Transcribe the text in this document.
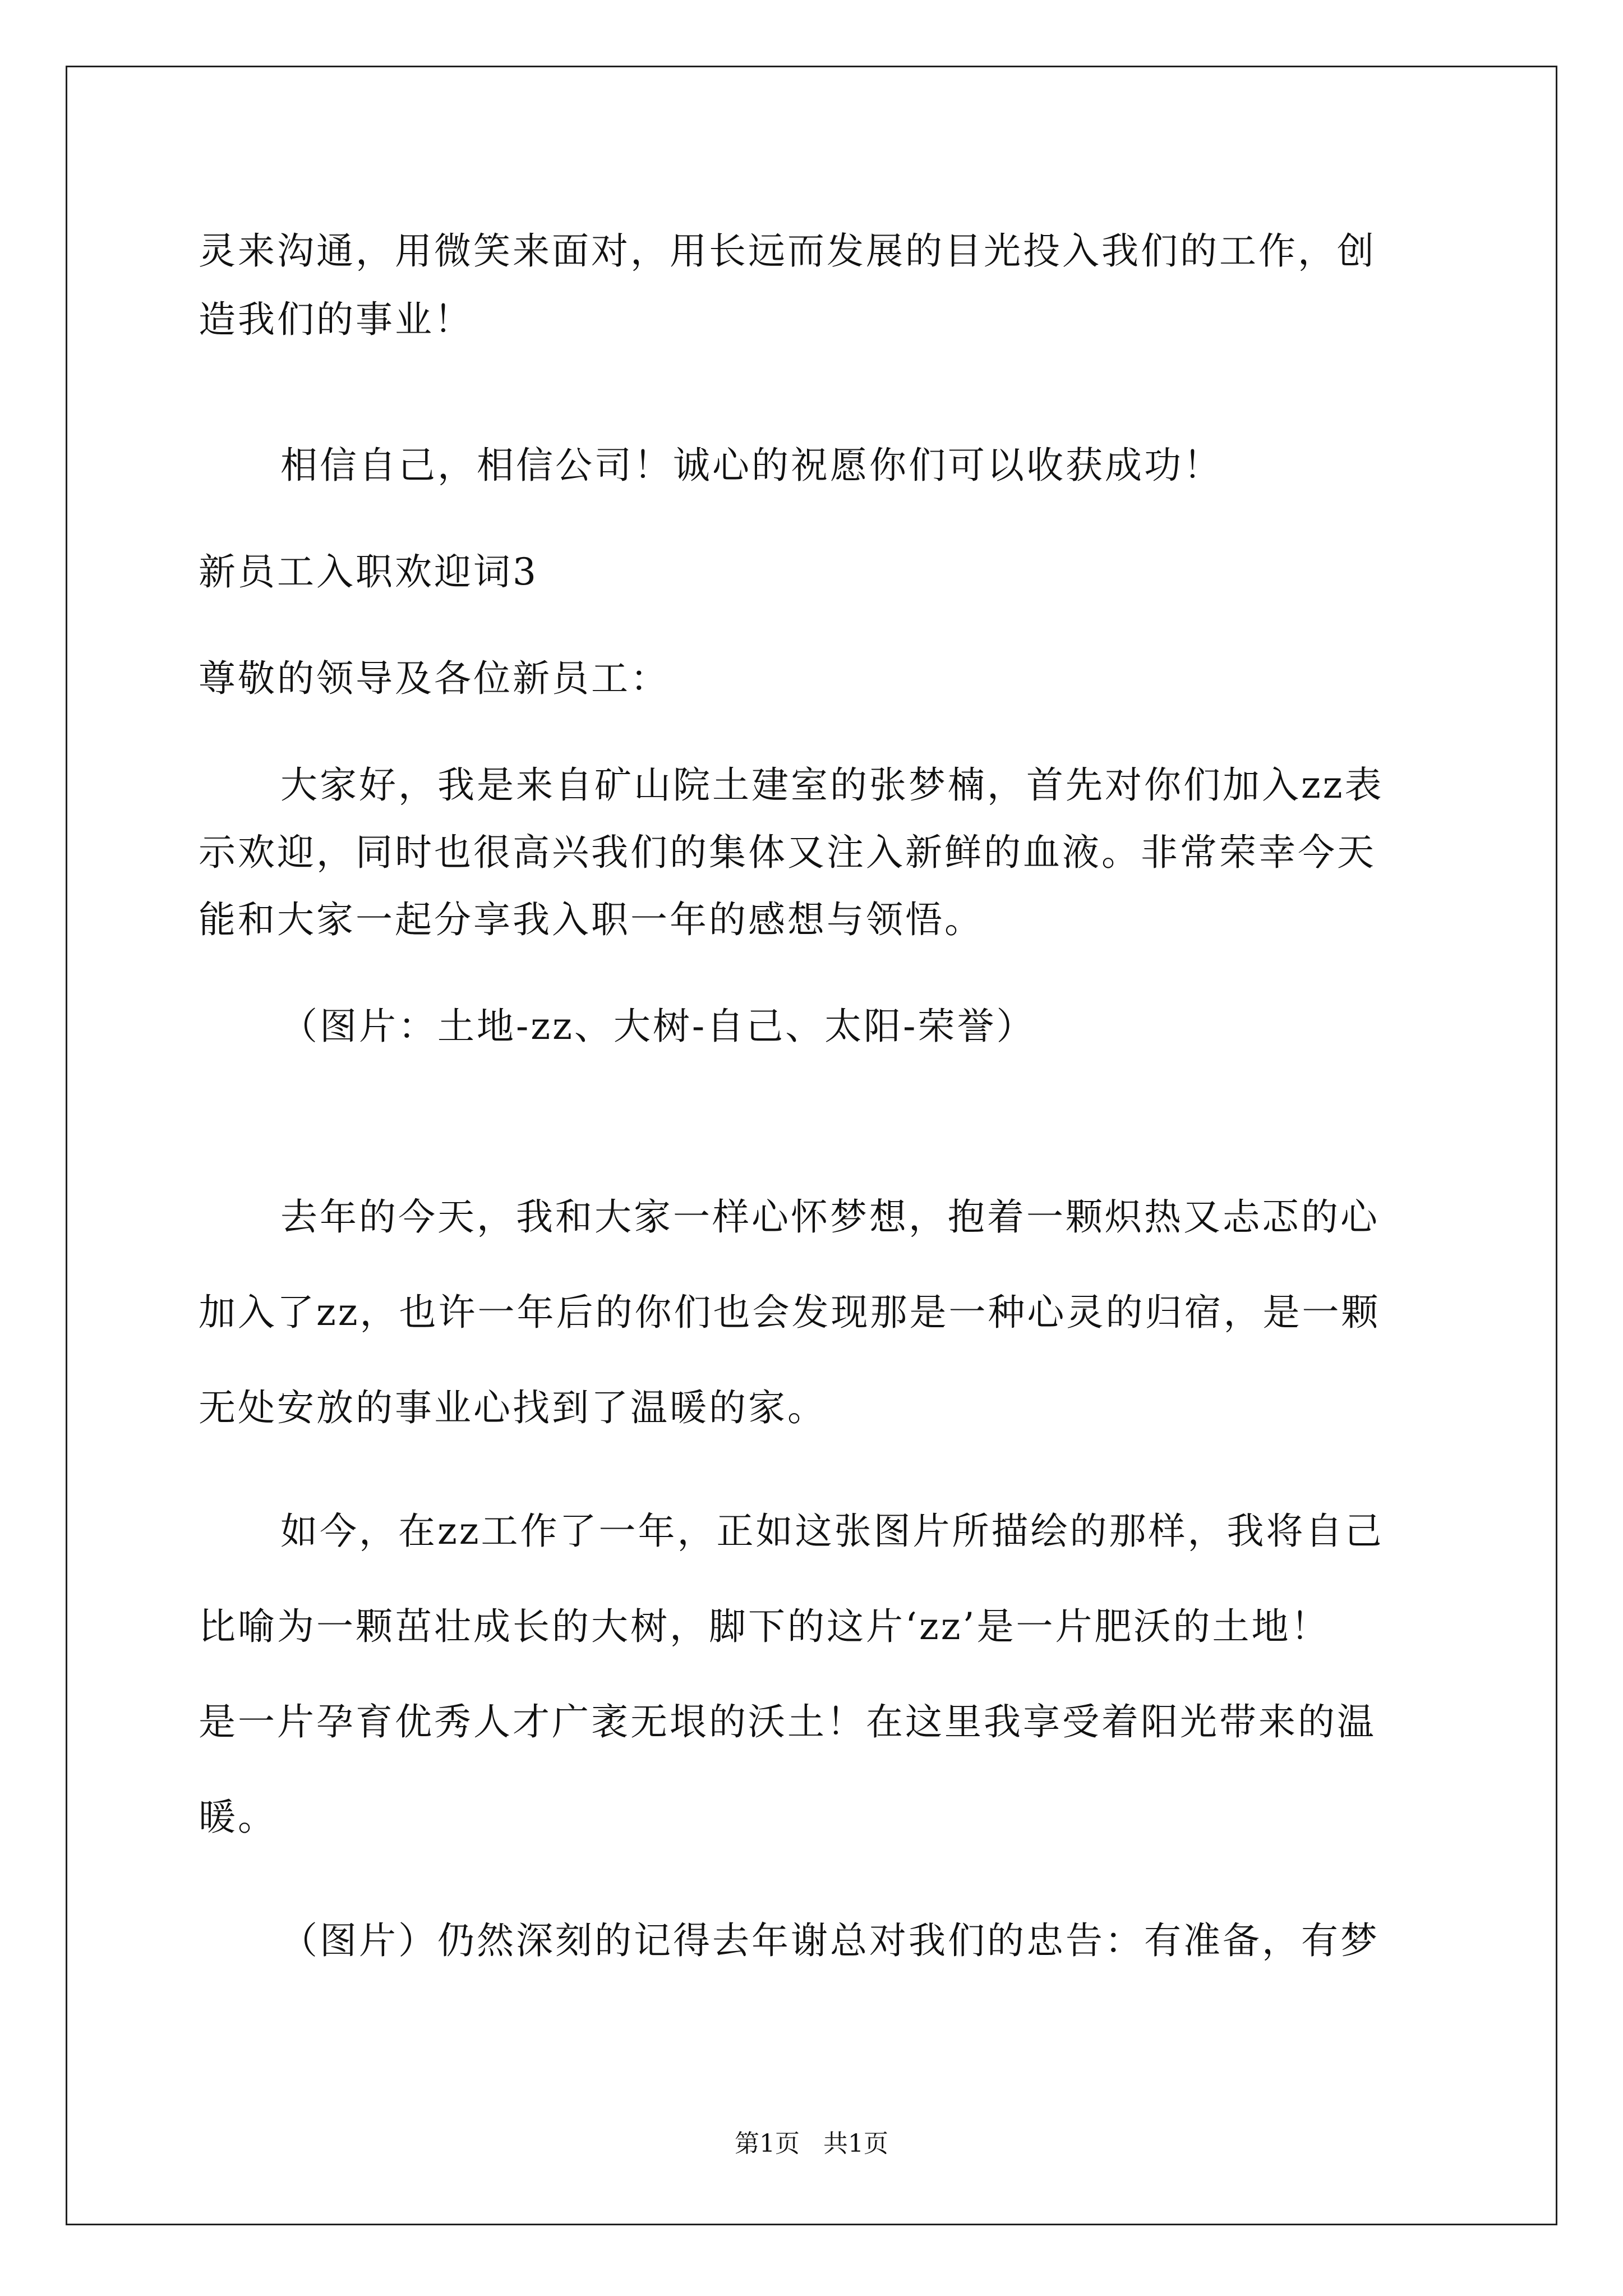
灵来沟通，用微笑来面对，用长远而发展的目光投入我们的工作，创
造我们的事业！
相信自己，相信公司！诚心的祝愿你们可以收获成功！
新员工入职欢迎词3
尊敬的领导及各位新员工：
大家好，我是来自矿山院土建室的张梦楠，首先对你们加入zz表
示欢迎，同时也很高兴我们的集体又注入新鲜的血液。非常荣幸今天
能和大家一起分享我入职一年的感想与领悟。
（图片：土地-zz、大树-自己、太阳-荣誉）
去年的今天，我和大家一样心怀梦想，抱着一颗炽热又忐忑的心
加入了zz，也许一年后的你们也会发现那是一种心灵的归宿，是一颗
无处安放的事业心找到了温暖的家。
如今，在zz工作了一年，正如这张图片所描绘的那样，我将自己
比喻为一颗茁壮成长的大树，脚下的这片‘zz’是一片肥沃的土地！
是一片孕育优秀人才广袤无垠的沃土！在这里我享受着阳光带来的温
暖。
（图片）仍然深刻的记得去年谢总对我们的忠告：有准备，有梦
第1页   共1页
